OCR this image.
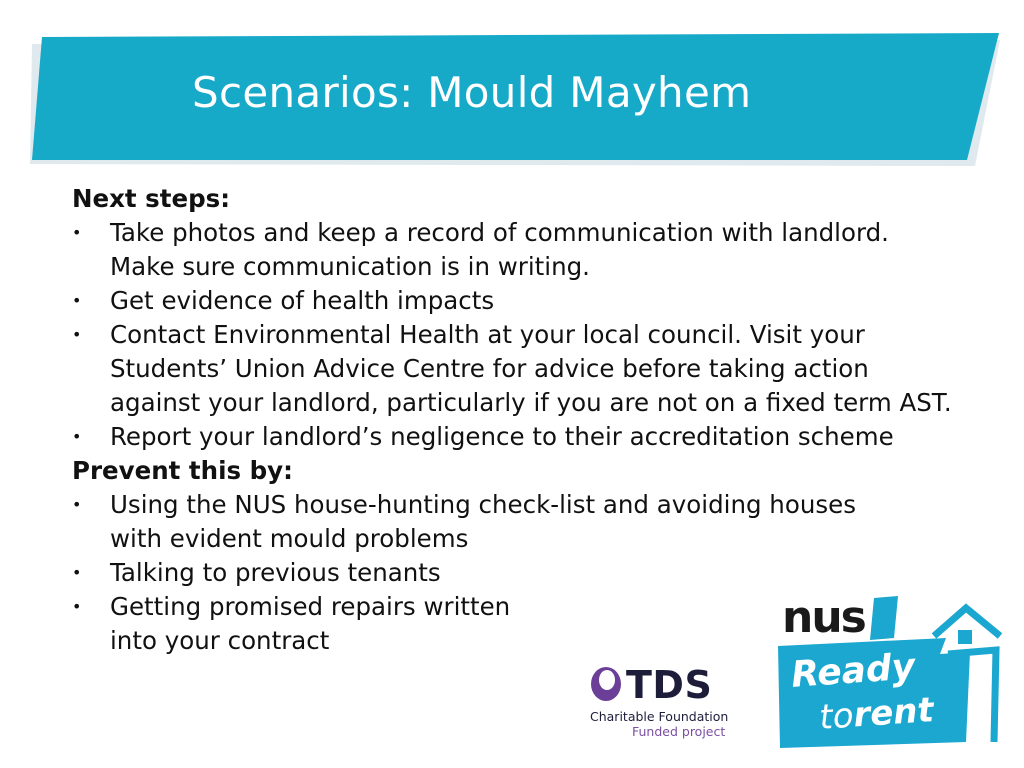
Scenarios: Mould Mayhem
Next steps:
•	Take photos and keep a record of communication with landlord. Make sure communication is in writing.
•	Get evidence of health impacts
•	Contact Environmental Health at your local council. Visit your Students’ Union Advice Centre for advice before taking action against your landlord, particularly if you are not on a fixed term AST.
•	Report your landlord’s negligence to their accreditation scheme
Prevent this by:
•	Using the NUS house-hunting check-list and avoiding houses with evident mould problems
•	Talking to previous tenants
•	Getting promised repairs written
into your contract
TDS
Charitable Foundation
Funded project
nus
Ready
torent
